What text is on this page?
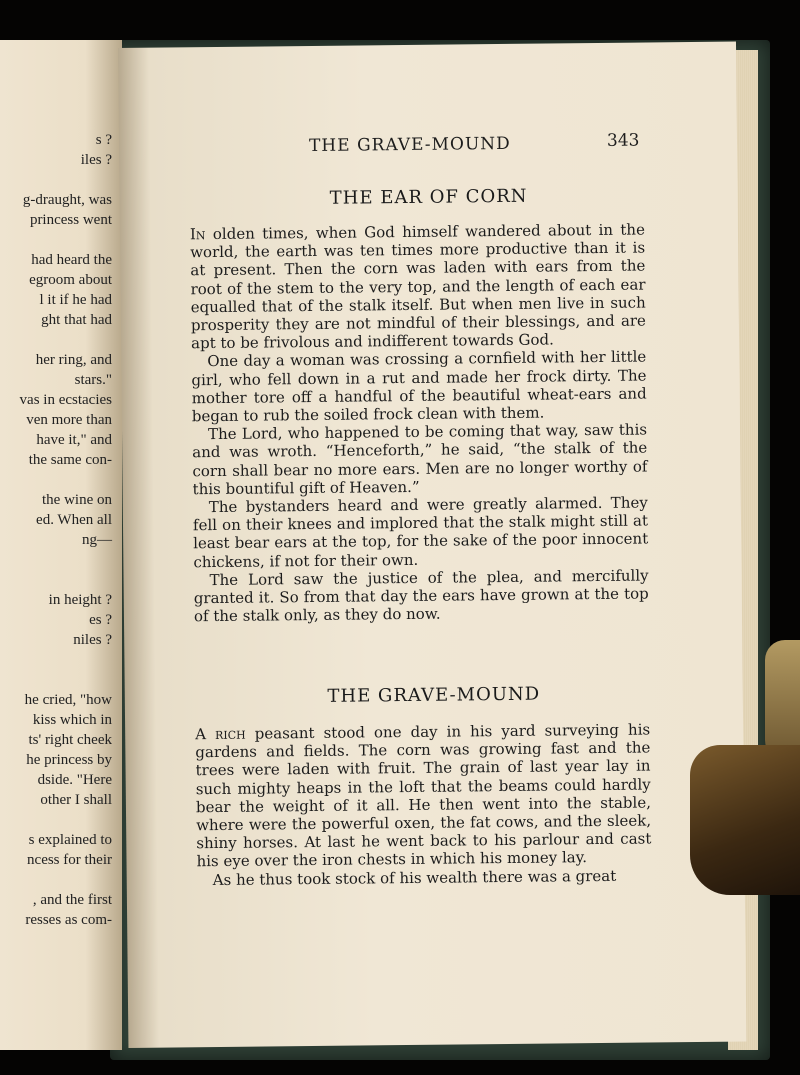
s ?
iles ?
g-draught, was
princess went
had heard the
egroom about
l it if he had
ght that had
her ring, and
stars."
vas in ecstacies
ven more than
have it," and
the same con-
the wine on
ed. When all
ng—
in height ?
es ?
niles ?
he cried, "how
kiss which in
ts' right cheek
he princess by
dside. "Here
other I shall
s explained to
ncess for their
, and the first
resses as com-
THE GRAVE-MOUND	343
THE EAR OF CORN

In olden times, when God himself wandered about in the world, the earth was ten times more productive than it is at present. Then the corn was laden with ears from the root of the stem to the very top, and the length of each ear equalled that of the stalk itself. But when men live in such prosperity they are not mindful of their blessings, and are apt to be frivolous and indifferent towards God.

One day a woman was crossing a cornfield with her little girl, who fell down in a rut and made her frock dirty. The mother tore off a handful of the beautiful wheat-ears and began to rub the soiled frock clean with them.

The Lord, who happened to be coming that way, saw this and was wroth. “Henceforth,” he said, “the stalk of the corn shall bear no more ears. Men are no longer worthy of this bountiful gift of Heaven.”

The bystanders heard and were greatly alarmed. They fell on their knees and implored that the stalk might still at least bear ears at the top, for the sake of the poor innocent chickens, if not for their own.

The Lord saw the justice of the plea, and mercifully granted it. So from that day the ears have grown at the top of the stalk only, as they do now.

THE GRAVE-MOUND

A rich peasant stood one day in his yard surveying his gardens and fields. The corn was growing fast and the trees were laden with fruit. The grain of last year lay in such mighty heaps in the loft that the beams could hardly bear the weight of it all. He then went into the stable, where were the powerful oxen, the fat cows, and the sleek, shiny horses. At last he went back to his parlour and cast his eye over the iron chests in which his money lay.

As he thus took stock of his wealth there was a great
